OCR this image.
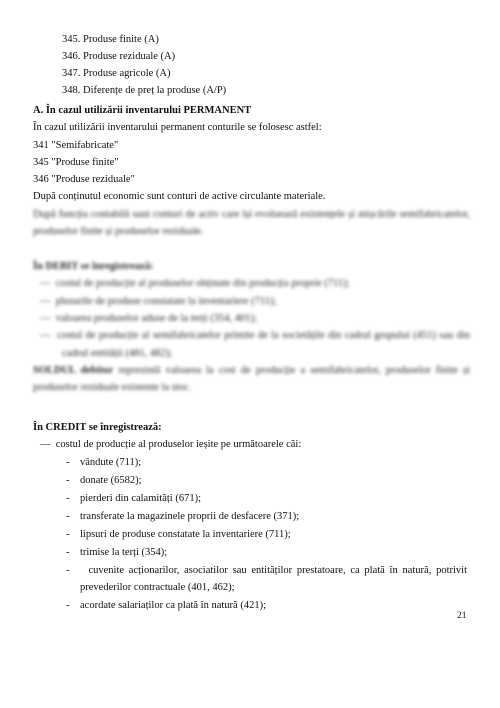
345. Produse finite (A)
346. Produse reziduale (A)
347. Produse agricole (A)
348. Diferențe de preț la produse (A/P)
A. În cazul utilizării inventarului PERMANENT
În cazul utilizării inventarului permanent conturile se folosesc astfel:
341 "Semifabricate"
345 "Produse finite"
346 "Produse reziduale"
După conținutul economic sunt conturi de active circulante materiale.
După funcția contabilă sunt conturi de activ care își evoluează existențele și mișcările semifabricatelor,
produselor finite și produselor reziduale.
În DEBIT se înregistrează:
—  costul de producție al produselor obținute din producția proprie (711);
—  plusurile de produse constatate la inventariere (711);
—  valoarea produselor aduse de la terți (354, 401);
—  costul de producție al semifabricatelor primite de la societățile din cadrul grupului (451) sau din
cadrul entității (481, 482);
SOLDUL debitor reprezintă valoarea la cost de producție a semifabricatelor, produselor finite și
produselor reziduale existente la stoc.
În CREDIT se înregistrează:
—  costul de producție al produselor ieșite pe următoarele căi:
-    vândute (711);
-    donate (6582);
-    pierderi din calamități (671);
-    transferate la magazinele proprii de desfacere (371);
-    lipsuri de produse constatate la inventariere (711);
-    trimise la terți (354);
-    cuvenite acționarilor, asociatilor sau entităților prestatoare, ca plată în natură, potrivit
prevederilor contractuale (401, 462);
-    acordate salariaților ca plată în natură (421);
21
